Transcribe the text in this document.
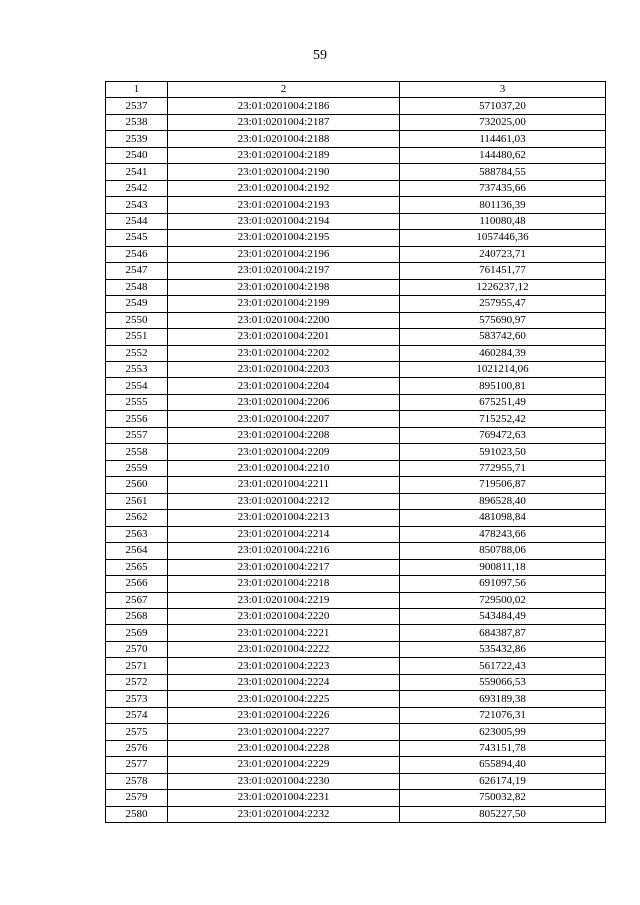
59
1	2	3
2537	23:01:0201004:2186	571037,20
2538	23:01:0201004:2187	732025,00
2539	23:01:0201004:2188	114461,03
2540	23:01:0201004:2189	144480,62
2541	23:01:0201004:2190	588784,55
2542	23:01:0201004:2192	737435,66
2543	23:01:0201004:2193	801136,39
2544	23:01:0201004:2194	110080,48
2545	23:01:0201004:2195	1057446,36
2546	23:01:0201004:2196	240723,71
2547	23:01:0201004:2197	761451,77
2548	23:01:0201004:2198	1226237,12
2549	23:01:0201004:2199	257955,47
2550	23:01:0201004:2200	575690,97
2551	23:01:0201004:2201	583742,60
2552	23:01:0201004:2202	460284,39
2553	23:01:0201004:2203	1021214,06
2554	23:01:0201004:2204	895100,81
2555	23:01:0201004:2206	675251,49
2556	23:01:0201004:2207	715252,42
2557	23:01:0201004:2208	769472,63
2558	23:01:0201004:2209	591023,50
2559	23:01:0201004:2210	772955,71
2560	23:01:0201004:2211	719506,87
2561	23:01:0201004:2212	896528,40
2562	23:01:0201004:2213	481098,84
2563	23:01:0201004:2214	478243,66
2564	23:01:0201004:2216	850788,06
2565	23:01:0201004:2217	900811,18
2566	23:01:0201004:2218	691097,56
2567	23:01:0201004:2219	729500,02
2568	23:01:0201004:2220	543484,49
2569	23:01:0201004:2221	684387,87
2570	23:01:0201004:2222	535432,86
2571	23:01:0201004:2223	561722,43
2572	23:01:0201004:2224	559066,53
2573	23:01:0201004:2225	693189,38
2574	23:01:0201004:2226	721076,31
2575	23:01:0201004:2227	623005,99
2576	23:01:0201004:2228	743151,78
2577	23:01:0201004:2229	655894,40
2578	23:01:0201004:2230	626174,19
2579	23:01:0201004:2231	750032,82
2580	23:01:0201004:2232	805227,50
